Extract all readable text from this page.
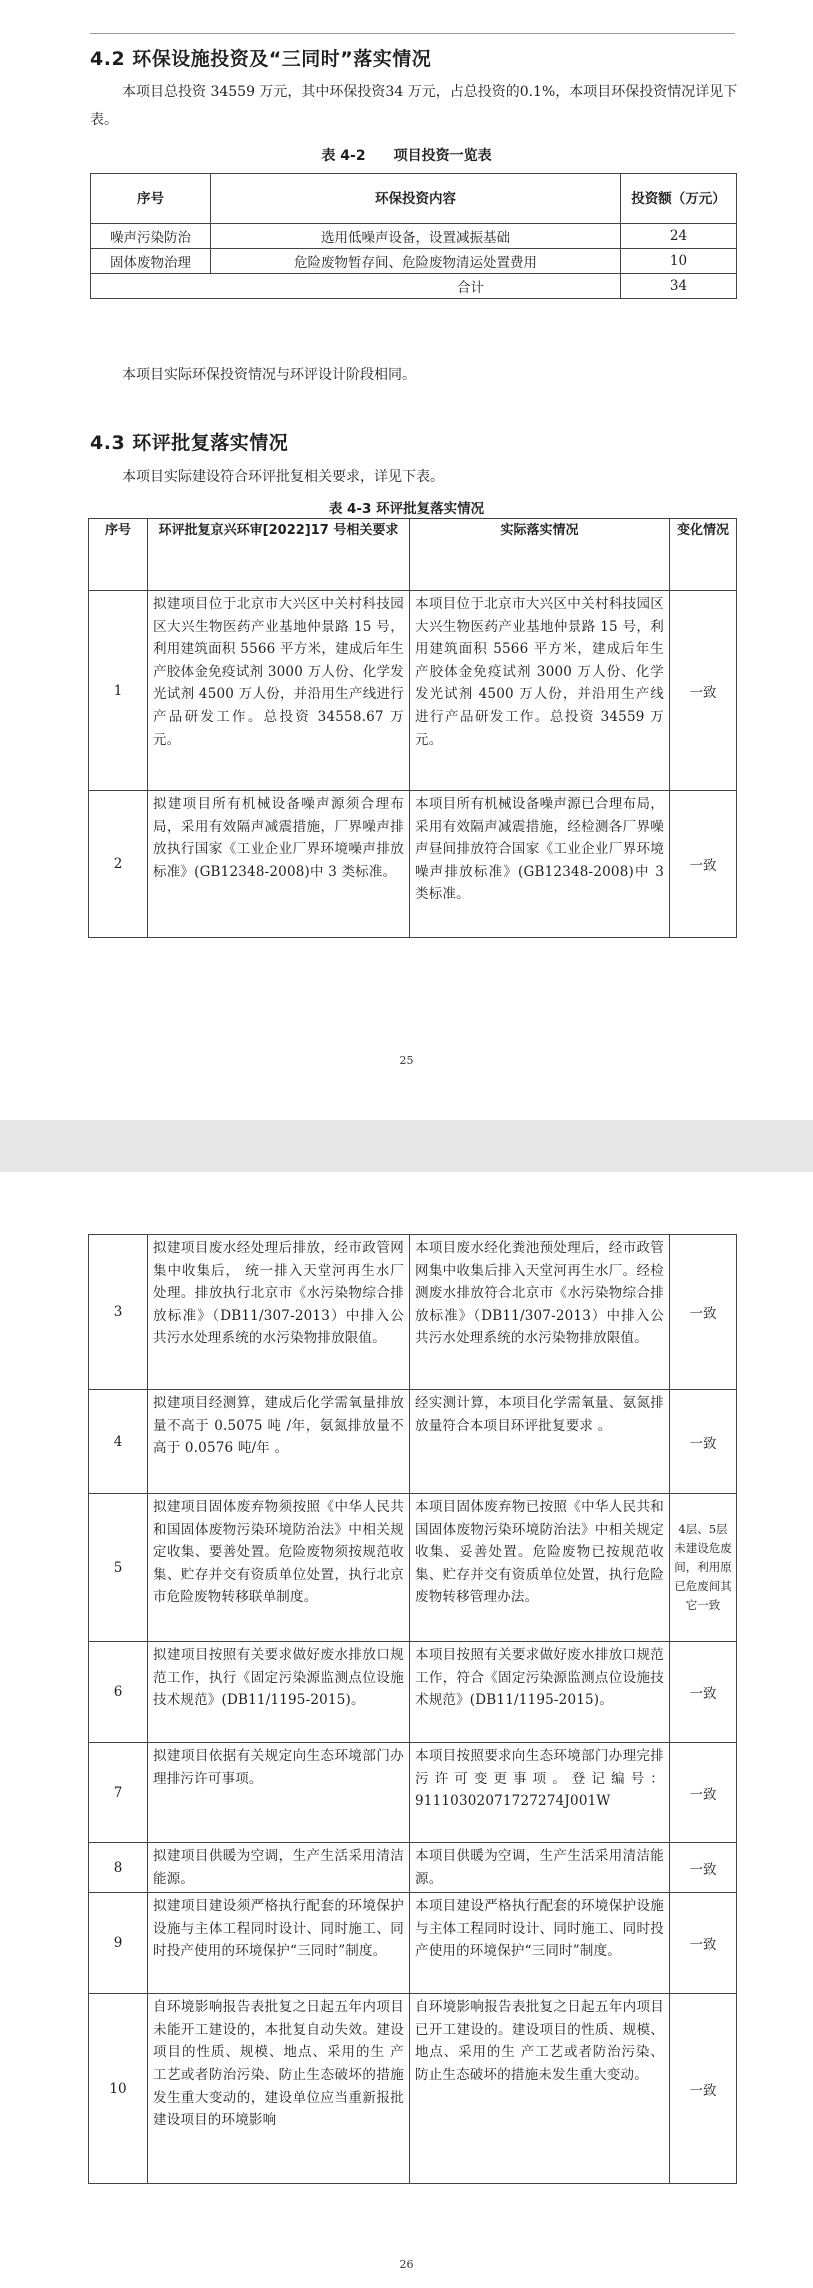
4.2 环保设施投资及“三同时”落实情况
本项目总投资 34559 万元，其中环保投资34 万元，占总投资的0.1%，本项目环保投资情况详见下表。
表 4-2　　项目投资一览表
序号	环保投资内容	投资额（万元）
噪声污染防治	选用低噪声设备，设置减振基础	24
固体废物治理	危险废物暂存间、危险废物清运处置费用	10
合计		34
本项目实际环保投资情况与环评设计阶段相同。
4.3 环评批复落实情况
本项目实际建设符合环评批复相关要求，详见下表。
表 4-3 环评批复落实情况
序号	环评批复京兴环审[2022]17 号相关要求	实际落实情况	变化情况
1	拟建项目位于北京市大兴区中关村科技园区大兴生物医药产业基地仲景路 15 号，利用建筑面积 5566 平方米，建成后年生产胶体金免疫试剂 3000 万人份、化学发光试剂 4500 万人份，并沿用生产线进行产品研发工作。总投资 34558.67 万元。	本项目位于北京市大兴区中关村科技园区大兴生物医药产业基地仲景路 15 号，利用建筑面积 5566 平方米，建成后年生产胶体金免疫试剂 3000 万人份、化学发光试剂 4500 万人份，并沿用生产线进行产品研发工作。总投资 34559 万元。	一致
2	拟建项目所有机械设备噪声源须合理布局，采用有效隔声减震措施，厂界噪声排放执行国家《工业企业厂界环境噪声排放标准》(GB12348-2008)中 3 类标准。	本项目所有机械设备噪声源已合理布局，采用有效隔声减震措施，经检测各厂界噪声昼间排放符合国家《工业企业厂界环境噪声排放标准》(GB12348-2008)中 3 类标准。	一致
25
3	拟建项目废水经处理后排放，经市政管网集中收集后， 统一排入天堂河再生水厂处理。排放执行北京市《水污染物综合排放标准》（DB11/307-2013）中排入公共污水处理系统的水污染物排放限值。	本项目废水经化粪池预处理后，经市政管网集中收集后排入天堂河再生水厂。经检测废水排放符合北京市《水污染物综合排放标准》（DB11/307-2013）中排入公共污水处理系统的水污染物排放限值。	一致
4	拟建项目经测算，建成后化学需氧量排放量不高于 0.5075 吨 /年，氨氮排放量不高于 0.0576 吨/年 。	经实测计算，本项目化学需氧量、氨氮排放量符合本项目环评批复要求 。	一致
5	拟建项目固体废弃物须按照《中华人民共和国固体废物污染环境防治法》中相关规定收集、要善处置。危险废物须按规范收集、贮存并交有资质单位处置，执行北京市危险废物转移联单制度。	本项目固体废弃物已按照《中华人民共和国固体废物污染环境防治法》中相关规定收集、妥善处置。危险废物已按规范收集、贮存并交有资质单位处置，执行危险废物转移管理办法。	4层、5层未建设危废间，利用原已危废间其它一致
6	拟建项目按照有关要求做好废水排放口规范工作，执行《固定污染源监测点位设施技术规范》(DB11/1195-2015)。	本项目按照有关要求做好废水排放口规范工作，符合《固定污染源监测点位设施技术规范》(DB11/1195-2015)。	一致
7	拟建项目依据有关规定向生态环境部门办理排污许可事项。	本项目按照要求向生态环境部门办理完排污许可变更事项。登记编号：91110302071727274J001W	一致
8	拟建项目供暖为空调，生产生活采用清洁能源。	本项目供暖为空调，生产生活采用清洁能源。	一致
9	拟建项目建设须严格执行配套的环境保护设施与主体工程同时设计、同时施工、同时投产使用的环境保护“三同时”制度。	本项目建设严格执行配套的环境保护设施与主体工程同时设计、同时施工、同时投产使用的环境保护“三同时”制度。	一致
10	自环境影响报告表批复之日起五年内项目未能开工建设的，本批复自动失效。建设项目的性质、规模、地点、采用的生 产工艺或者防治污染、防止生态破坏的措施发生重大变动的，建设单位应当重新报批建设项目的环境影响	自环境影响报告表批复之日起五年内项目已开工建设的。建设项目的性质、规模、地点、采用的生 产工艺或者防治污染、防止生态破坏的措施未发生重大变动。	一致
26
